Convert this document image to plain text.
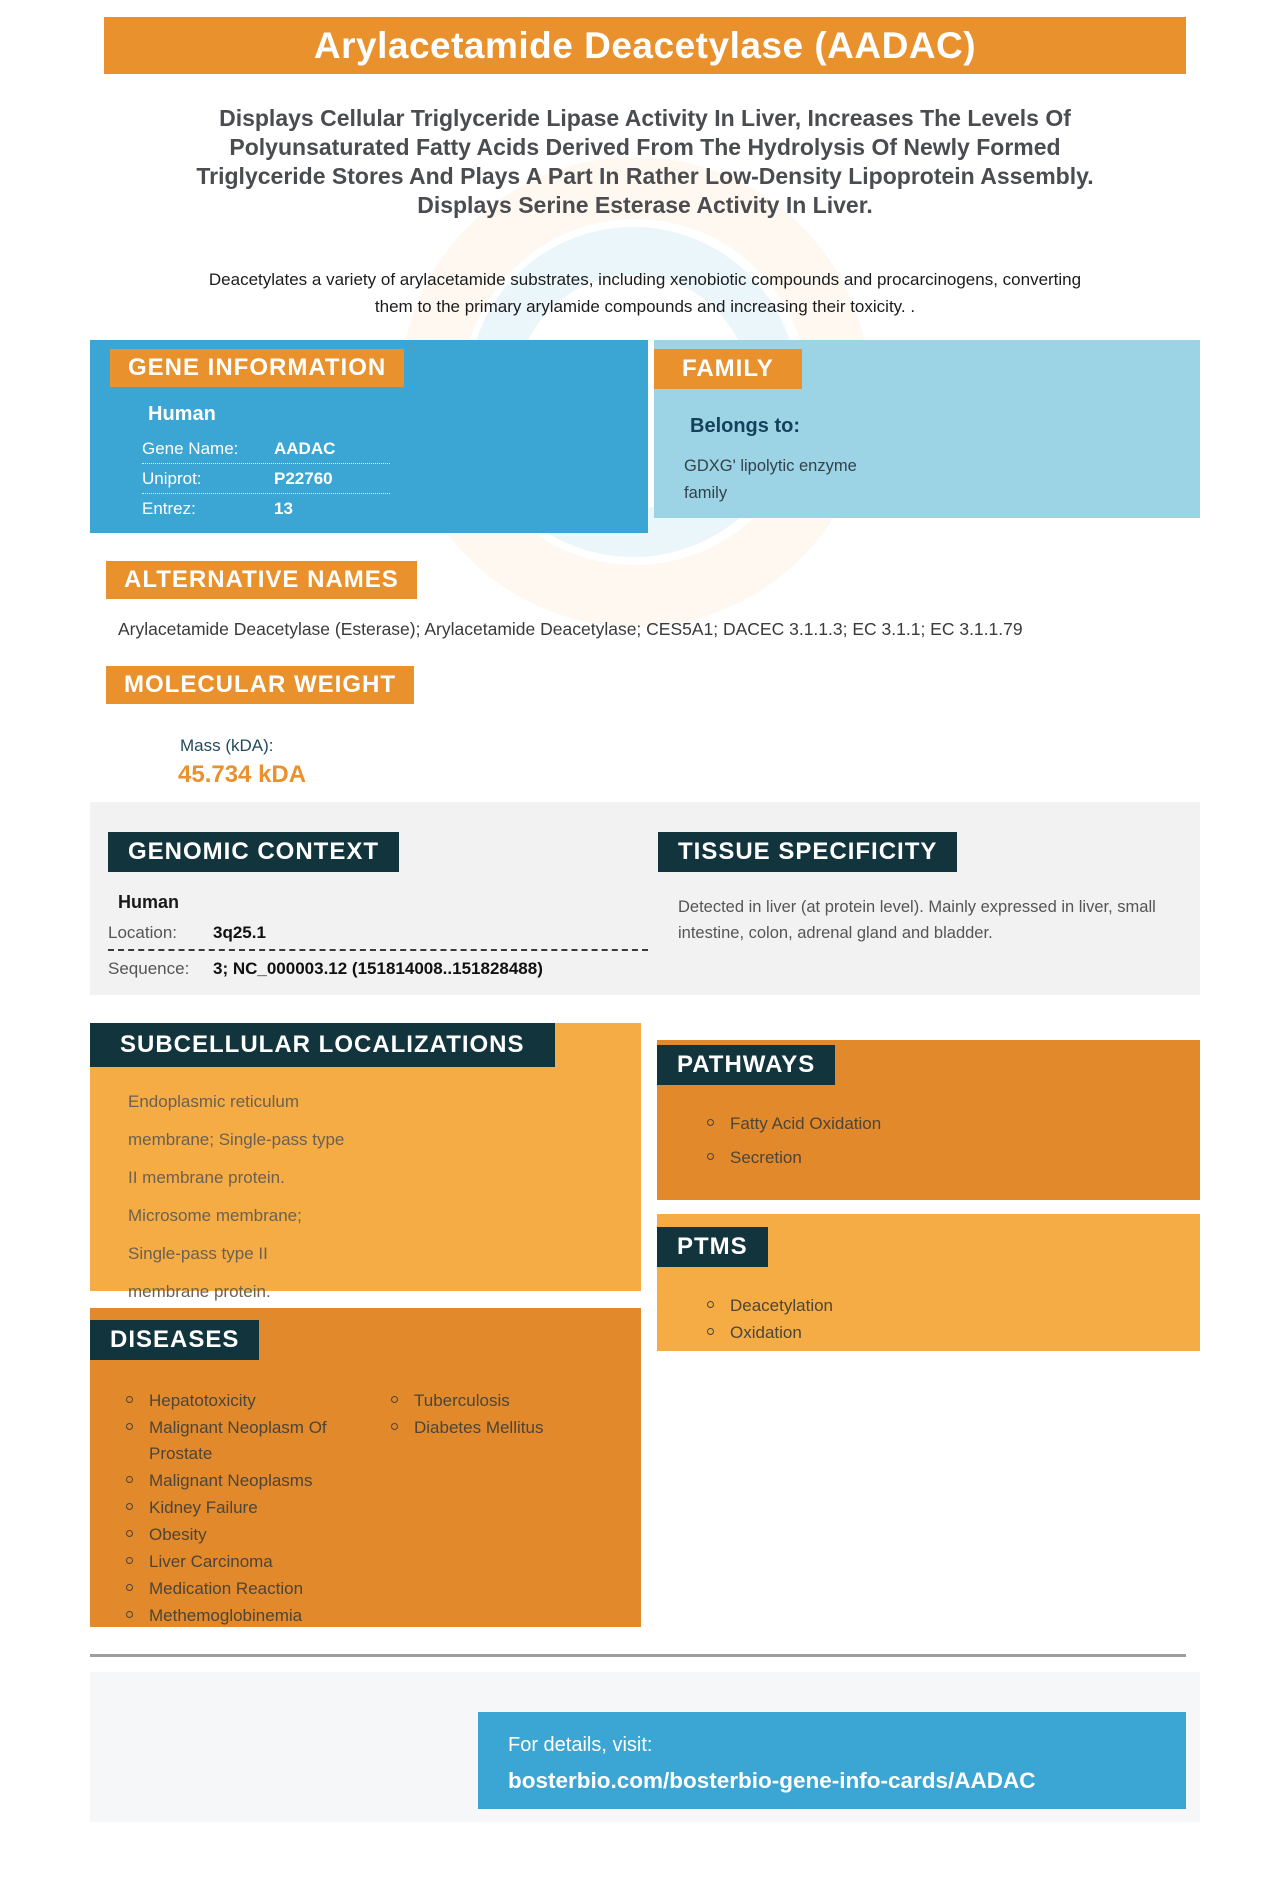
Arylacetamide Deacetylase (AADAC)
Displays Cellular Triglyceride Lipase Activity In Liver, Increases The Levels Of Polyunsaturated Fatty Acids Derived From The Hydrolysis Of Newly Formed Triglyceride Stores And Plays A Part In Rather Low-Density Lipoprotein Assembly. Displays Serine Esterase Activity In Liver.
Deacetylates a variety of arylacetamide substrates, including xenobiotic compounds and procarcinogens, converting them to the primary arylamide compounds and increasing their toxicity. .
GENE INFORMATION
Human
Gene Name:	AADAC
Uniprot:	P22760
Entrez:	13
FAMILY
Belongs to:
GDXG' lipolytic enzyme family
ALTERNATIVE NAMES
Arylacetamide Deacetylase (Esterase); Arylacetamide Deacetylase; CES5A1; DACEC 3.1.1.3; EC 3.1.1; EC 3.1.1.79
MOLECULAR WEIGHT
Mass (kDA):
45.734 kDA
GENOMIC CONTEXT
Human
Location:	3q25.1
Sequence:	3; NC_000003.12 (151814008..151828488)
TISSUE SPECIFICITY
Detected in liver (at protein level). Mainly expressed in liver, small intestine, colon, adrenal gland and bladder.
SUBCELLULAR LOCALIZATIONS
Endoplasmic reticulum membrane; Single-pass type II membrane protein. Microsome membrane; Single-pass type II membrane protein.
DISEASES
Hepatotoxicity
Malignant Neoplasm Of Prostate
Malignant Neoplasms
Kidney Failure
Obesity
Liver Carcinoma
Medication Reaction
Methemoglobinemia
Tuberculosis
Diabetes Mellitus
PATHWAYS
Fatty Acid Oxidation
Secretion
PTMS
Deacetylation
Oxidation
For details, visit:
bosterbio.com/bosterbio-gene-info-cards/AADAC
